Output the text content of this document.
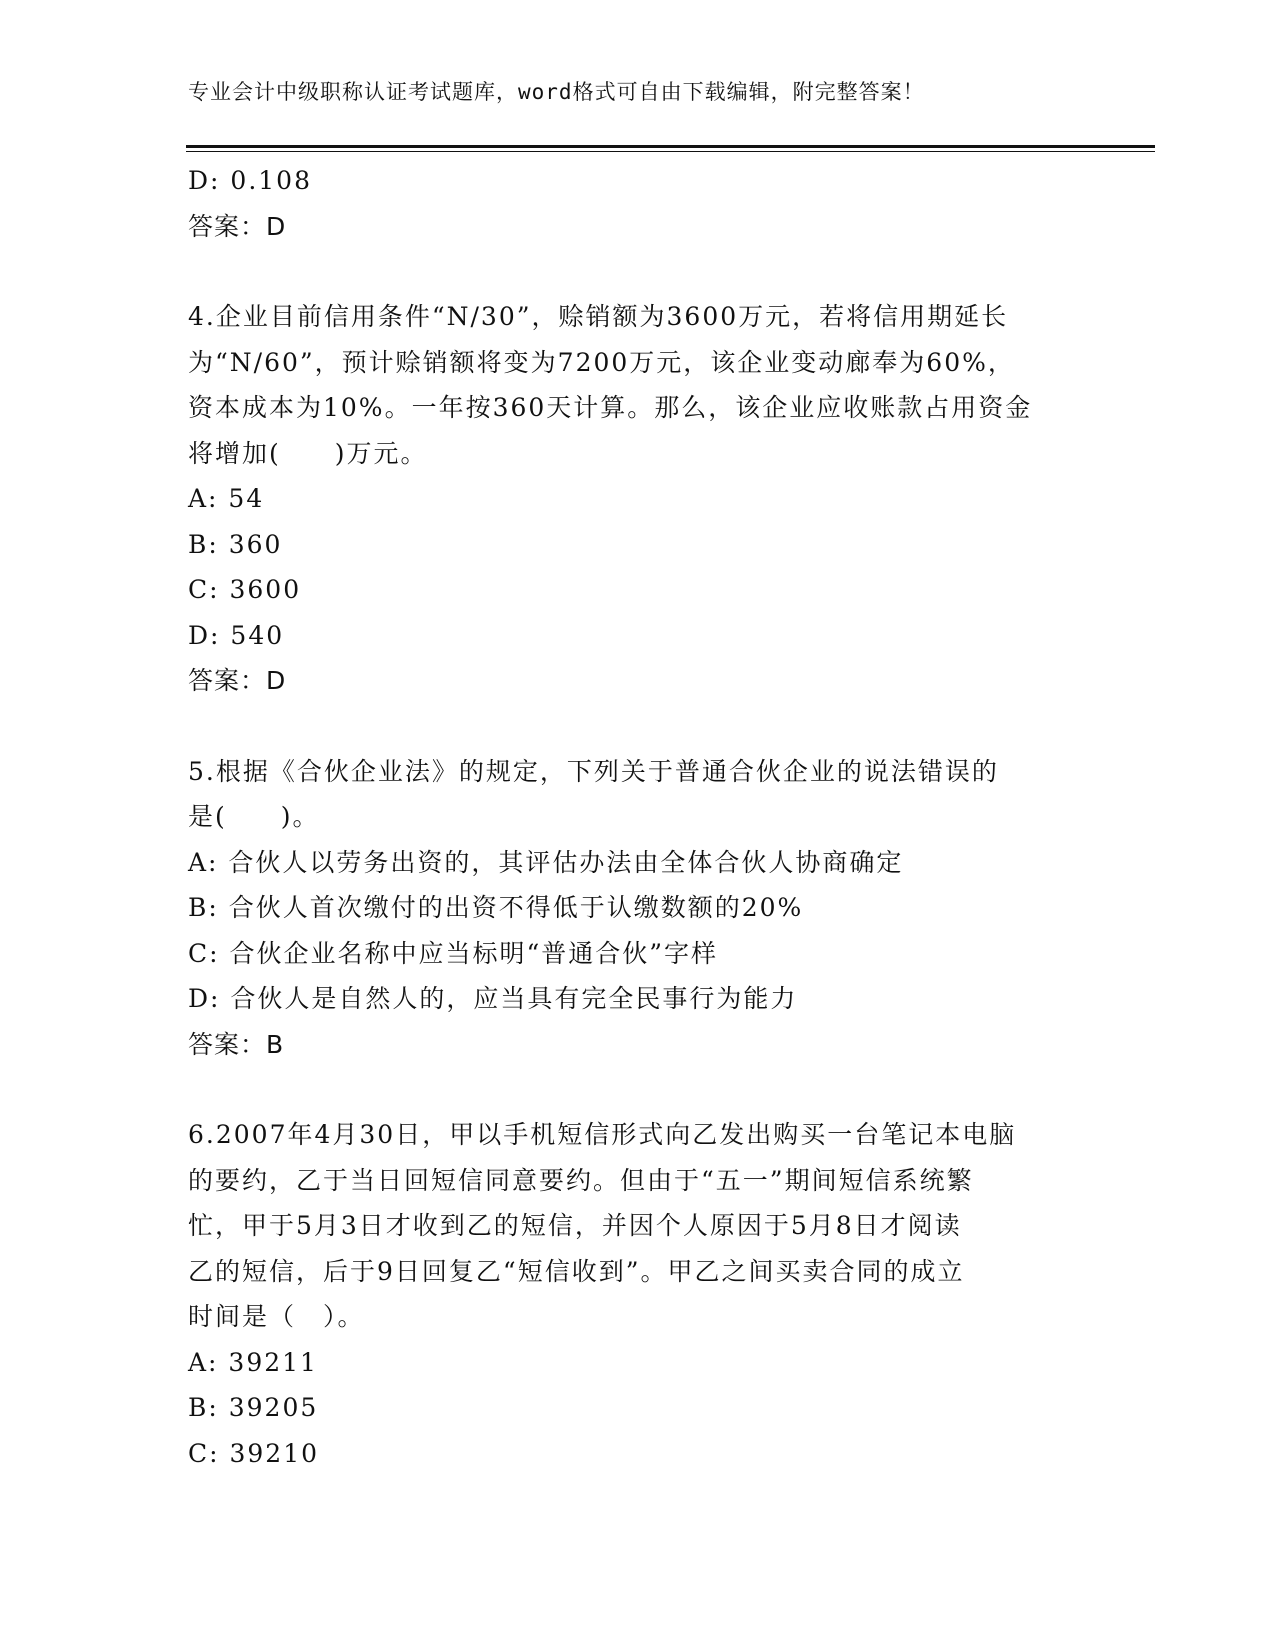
专业会计中级职称认证考试题库，word格式可自由下载编辑，附完整答案！
D: 0.108
答案：D
4.企业目前信用条件“N/30”，赊销额为3600万元，若将信用期延长
为“N/60”，预计赊销额将变为7200万元，该企业变动廊奉为60%，
资本成本为10%。一年按360天计算。那么，该企业应收账款占用资金
将增加(　　)万元。
A: 54
B: 360
C: 3600
D: 540
答案：D
5.根据《合伙企业法》的规定，下列关于普通合伙企业的说法错误的
是(　　)。
A: 合伙人以劳务出资的，其评估办法由全体合伙人协商确定
B: 合伙人首次缴付的出资不得低于认缴数额的20%
C: 合伙企业名称中应当标明“普通合伙”字样
D: 合伙人是自然人的，应当具有完全民事行为能力
答案：B
6.2007年4月30日，甲以手机短信形式向乙发出购买一台笔记本电脑
的要约，乙于当日回短信同意要约。但由于“五一”期间短信系统繁
忙，甲于5月3日才收到乙的短信，并因个人原因于5月8日才阅读
乙的短信，后于9日回复乙“短信收到”。甲乙之间买卖合同的成立
时间是（　）。
A: 39211
B: 39205
C: 39210
